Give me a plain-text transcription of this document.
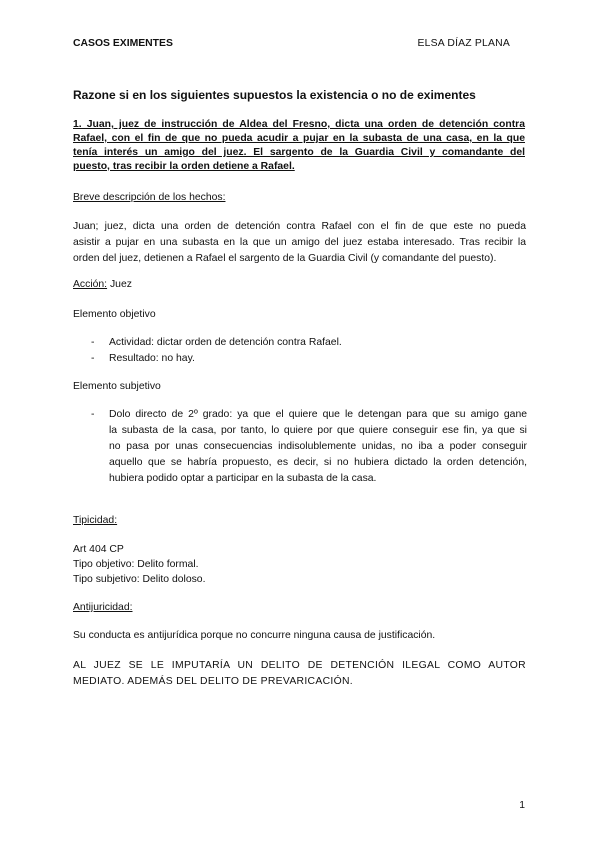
CASOS EXIMENTES	ELSA DÍAZ PLANA
Razone si en los siguientes supuestos la existencia o no de eximentes
1. Juan, juez de instrucción de Aldea del Fresno, dicta una orden de detención contra
Rafael, con el fin de que no pueda acudir a pujar en la subasta de una casa, en la que
tenía interés un amigo del juez. El sargento de la Guardia Civil y comandante del
puesto, tras recibir la orden detiene a Rafael.
Breve descripción de los hechos:
Juan; juez, dicta una orden de detención contra Rafael con el fin de que este no pueda
asistir a pujar en una subasta en la que un amigo del juez estaba interesado. Tras recibir la
orden del juez, detienen a Rafael el sargento de la Guardia Civil (y comandante del puesto).
Acción: Juez
Elemento objetivo
- Actividad: dictar orden de detención contra Rafael.
- Resultado: no hay.
Elemento subjetivo
- Dolo directo de 2º grado: ya que el quiere que le detengan para que su amigo gane
la subasta de la casa, por tanto, lo quiere por que quiere conseguir ese fin, ya que si
no pasa por unas consecuencias indisolublemente unidas, no iba a poder conseguir
aquello que se habría propuesto, es decir, si no hubiera dictado la orden detención,
hubiera podido optar a participar en la subasta de la casa.
Tipicidad:
Art 404 CP
Tipo objetivo: Delito formal.
Tipo subjetivo: Delito doloso.
Antijuricidad:
Su conducta es antijurídica porque no concurre ninguna causa de justificación.
AL JUEZ SE LE IMPUTARÍA UN DELITO DE DETENCIÓN ILEGAL COMO AUTOR
MEDIATO. ADEMÁS DEL DELITO DE PREVARICACIÓN.
1
